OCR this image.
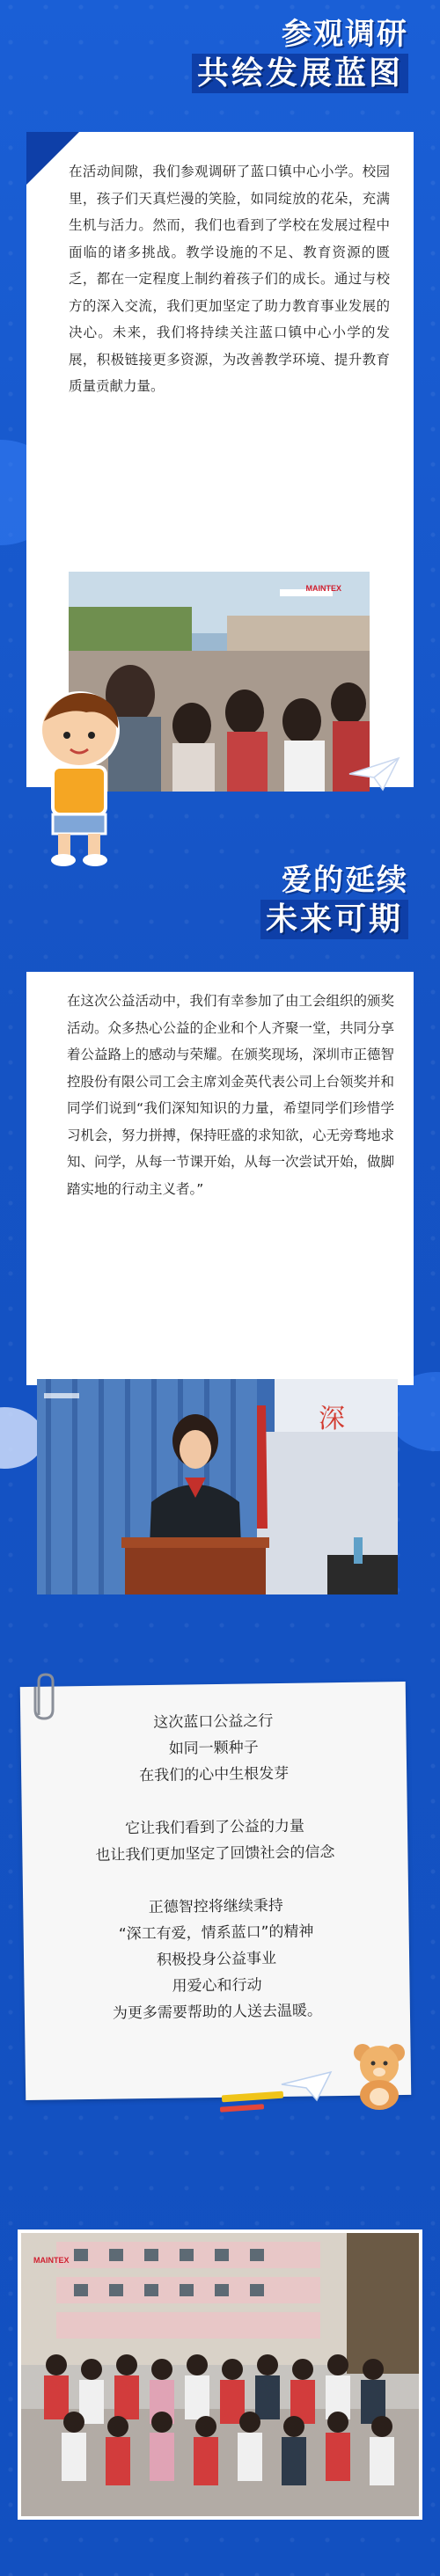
参观调研
共绘发展蓝图
在活动间隙，我们参观调研了蓝口镇中心小学。校园里，孩子们天真烂漫的笑脸，如同绽放的花朵，充满生机与活力。然而，我们也看到了学校在发展过程中面临的诸多挑战。教学设施的不足、教育资源的匮乏，都在一定程度上制约着孩子们的成长。通过与校方的深入交流，我们更加坚定了助力教育事业发展的决心。未来，我们将持续关注蓝口镇中心小学的发展，积极链接更多资源，为改善教学环境、提升教育质量贡献力量。
MAINTEX
爱的延续
未来可期
在这次公益活动中，我们有幸参加了由工会组织的颁奖活动。众多热心公益的企业和个人齐聚一堂，共同分享着公益路上的感动与荣耀。在颁奖现场，深圳市正德智控股份有限公司工会主席刘金英代表公司上台领奖并和同学们说到“我们深知知识的力量，希望同学们珍惜学习机会，努力拼搏，保持旺盛的求知欲，心无旁骛地求知、问学，从每一节课开始，从每一次尝试开始，做脚踏实地的行动主义者。”
深

这次蓝口公益之行

如同一颗种子

在我们的心中生根发芽

它让我们看到了公益的力量

也让我们更加坚定了回馈社会的信念

正德智控将继续秉持

“深工有爱，情系蓝口”的精神

积极投身公益事业

用爱心和行动

为更多需要帮助的人送去温暖。

MAINTEX
